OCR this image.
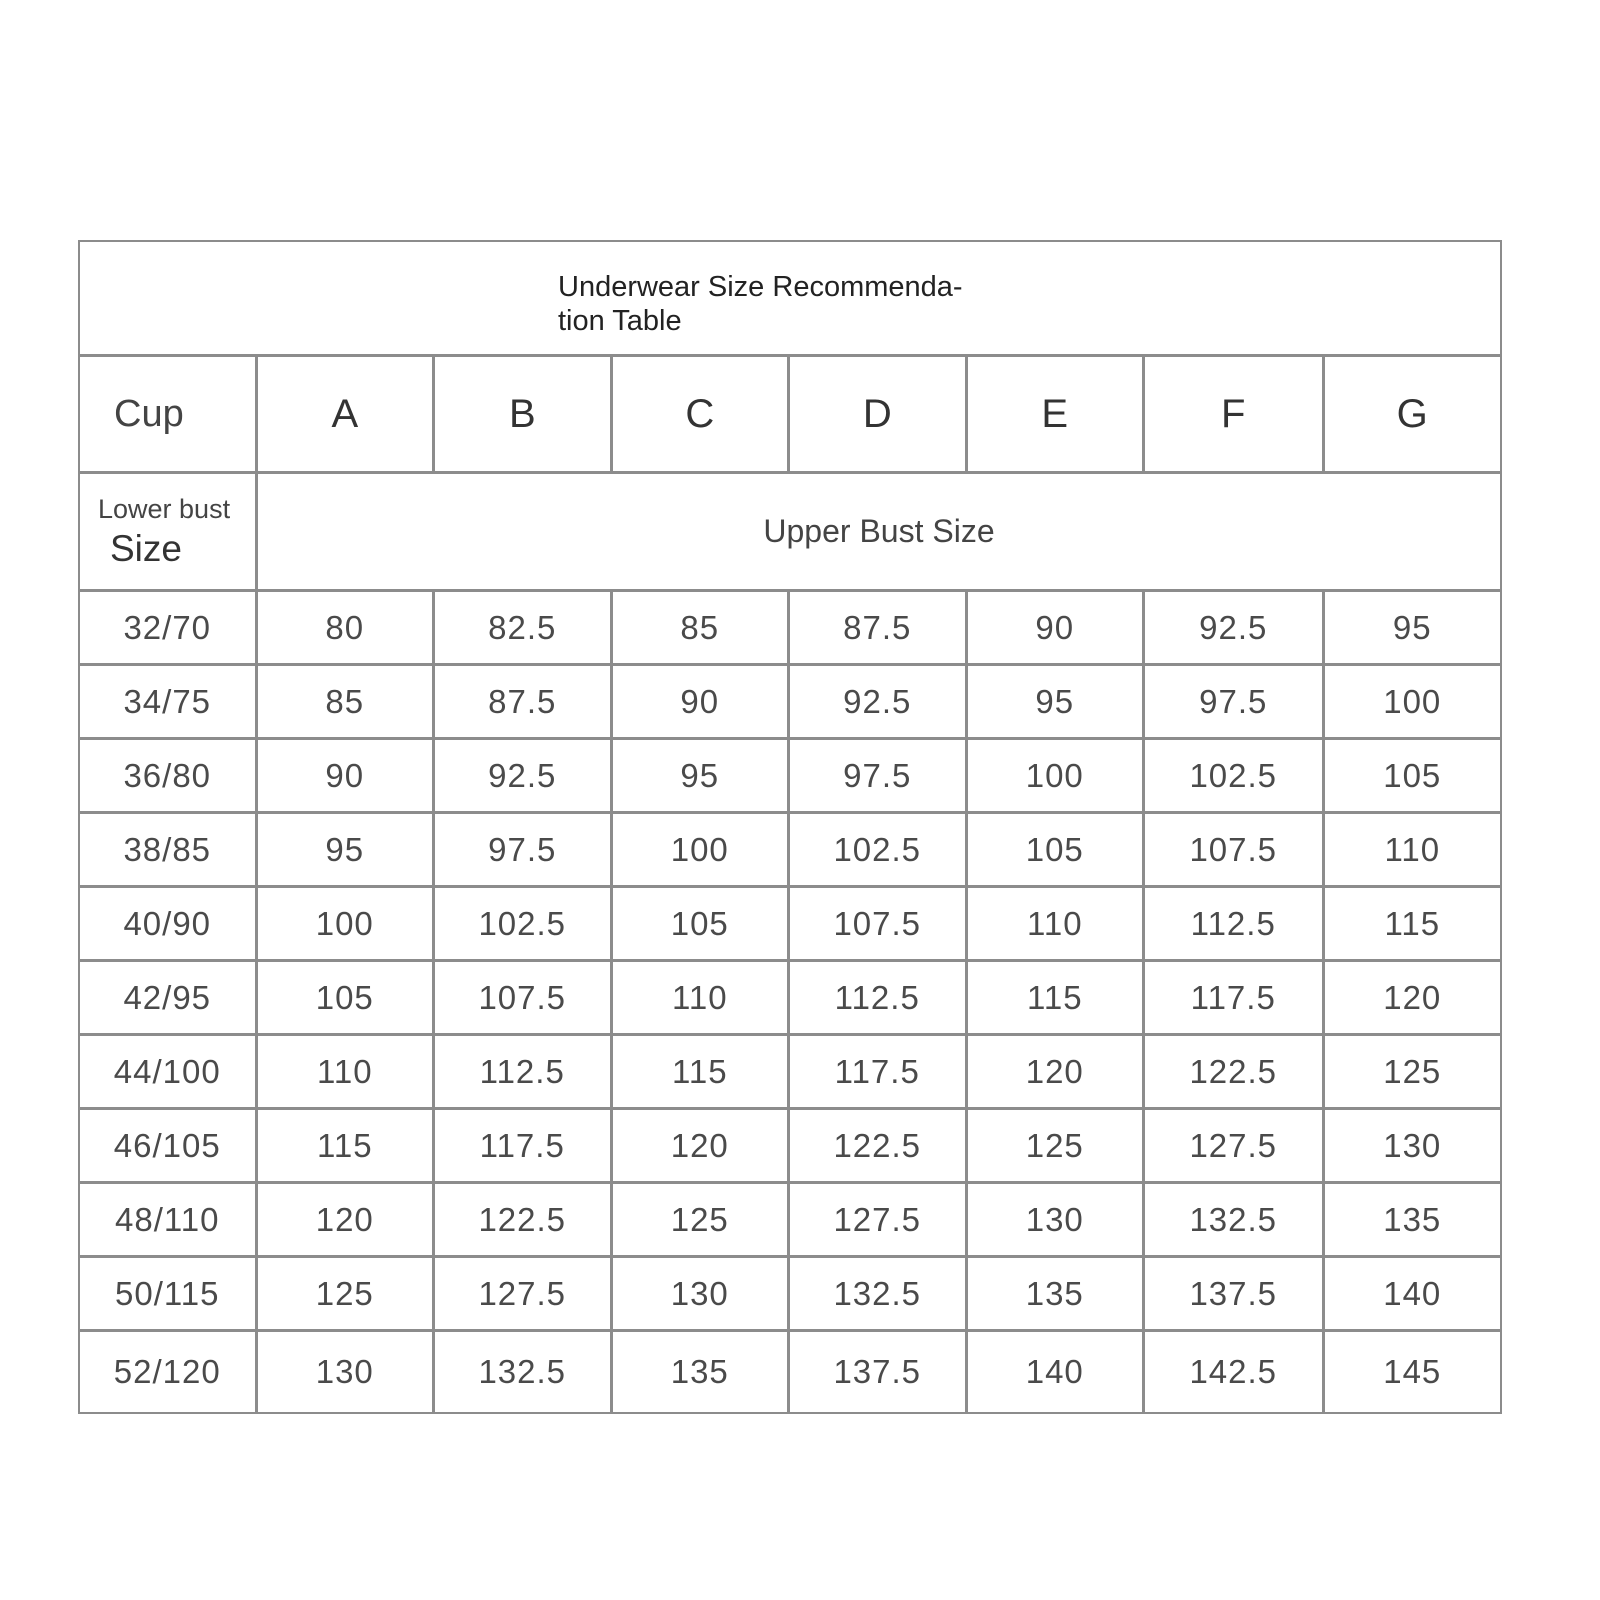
Underwear Size Recommenda-
tion Table
Cup	A	B	C	D	E	F	G
Lower bust
Size	Upper Bust Size
32/70	80	82.5	85	87.5	90	92.5	95
34/75	85	87.5	90	92.5	95	97.5	100
36/80	90	92.5	95	97.5	100	102.5	105
38/85	95	97.5	100	102.5	105	107.5	110
40/90	100	102.5	105	107.5	110	112.5	115
42/95	105	107.5	110	112.5	115	117.5	120
44/100	110	112.5	115	117.5	120	122.5	125
46/105	115	117.5	120	122.5	125	127.5	130
48/110	120	122.5	125	127.5	130	132.5	135
50/115	125	127.5	130	132.5	135	137.5	140
52/120	130	132.5	135	137.5	140	142.5	145
